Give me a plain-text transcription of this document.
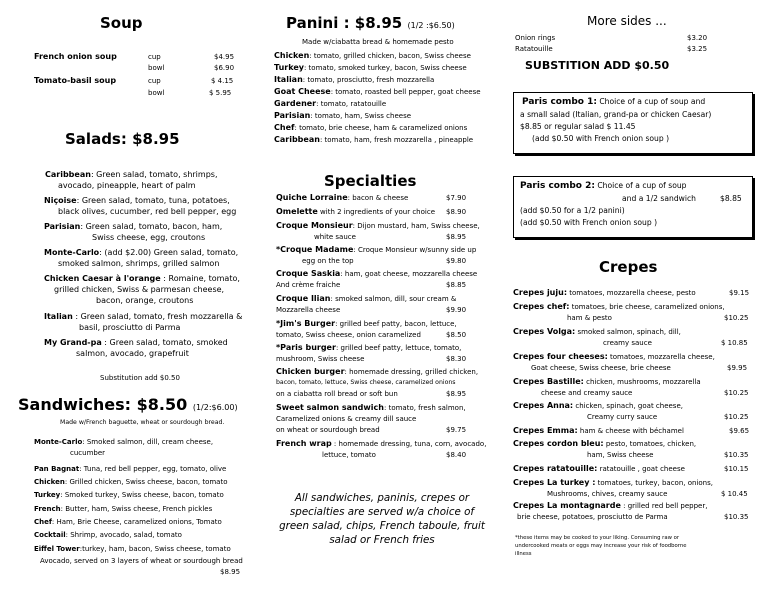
Soup
French onion soup	cup	$4.95
bowl	$6.90
Tomato-basil soup	cup	$ 4.15
bowl	$ 5.95
Salads: $8.95
Caribbean: Green salad, tomato, shrimps,
avocado, pineapple, heart of palm
Niçoise: Green salad, tomato, tuna, potatoes,
black olives, cucumber, red bell pepper, egg
Parisian: Green salad, tomato, bacon, ham,
Swiss cheese, egg, croutons
Monte-Carlo: (add $2.00) Green salad, tomato,
smoked salmon, shrimps, grilled salmon
Chicken Caesar à l'orange : Romaine, tomato,
grilled chicken, Swiss & parmesan cheese,
bacon, orange, croutons
Italian : Green salad, tomato, fresh mozzarella &
basil, prosciutto di Parma
My Grand-pa : Green salad, tomato, smoked
salmon, avocado, grapefruit
Substitution add $0.50
Sandwiches: $8.50 (1/2:$6.00)
Made w/French baguette, wheat or sourdough bread.
Monte-Carlo: Smoked salmon, dill, cream cheese,
cucumber
Pan Bagnat: Tuna, red bell pepper, egg, tomato, olive
Chicken: Grilled chicken, Swiss cheese, bacon, tomato
Turkey: Smoked turkey, Swiss cheese, bacon, tomato
French: Butter, ham, Swiss cheese, French pickles
Chef: Ham, Brie Cheese, caramelized onions, Tomato
Cocktail: Shrimp, avocado, salad, tomato
Eiffel Tower:turkey, ham, bacon, Swiss cheese, tomato
Avocado, served on 3 layers of wheat or sourdough bread
$8.95
Panini : $8.95 (1/2 :$6.50)
Made w/ciabatta bread & homemade pesto
Chicken: tomato, grilled chicken, bacon, Swiss cheese
Turkey: tomato, smoked turkey, bacon, Swiss cheese
Italian: tomato, prosciutto, fresh mozzarella
Goat Cheese: tomato, roasted bell pepper, goat cheese
Gardener: tomato, ratatouille
Parisian: tomato, ham, Swiss cheese
Chef: tomato, brie cheese, ham & caramelized onions
Caribbean: tomato, ham, fresh mozzarella , pineapple
Specialties
Quiche Lorraine: bacon & cheese	$7.90
Omelette with 2 ingredients of your choice $8.90
Croque Monsieur: Dijon mustard, ham, Swiss cheese,
white sauce	$8.95
*Croque Madame: Croque Monsieur w/sunny side up
egg on the top	$9.80
Croque Saskia: ham, goat cheese, mozzarella cheese
And crème fraiche	$8.85
Croque Ilian: smoked salmon, dill, sour cream &
Mozzarella cheese	$9.90
*Jim's Burger: grilled beef patty, bacon, lettuce,
tomato, Swiss cheese, onion caramelized	$8.50
*Paris burger: grilled beef patty, lettuce, tomato,
mushroom, Swiss cheese	$8.30
Chicken burger: homemade dressing, grilled chicken,
bacon, tomato, lettuce, Swiss cheese, caramelized onions
on a ciabatta roll bread or soft bun	$8.95
Sweet salmon sandwich: tomato, fresh salmon,
Caramelized onions & creamy dill sauce
on wheat or sourdough bread	$9.75
French wrap : homemade dressing, tuna, corn, avocado,
lettuce, tomato	$8.40
All sandwiches, paninis, crepes or
specialties are served w/a choice of
green salad, chips, French taboule, fruit
salad or French fries
More sides ...
Onion rings	$3.20
Ratatouille	$3.25
SUBSTITION ADD $0.50
Paris combo 1: Choice of a cup of soup and
a small salad (Italian, grand-pa or chicken Caesar)
$8.85 or regular salad $ 11.45
(add $0.50 with French onion soup )
Paris combo 2: Choice of a cup of soup
and a 1/2 sandwich	$8.85
(add $0.50 for a 1/2 panini)
(add $0.50 with French onion soup )
Crepes
Crepes juju: tomatoes, mozzarella cheese, pesto	$9.15
Crepes chef: tomatoes, brie cheese, caramelized onions,
ham & pesto	$10.25
Crepes Volga: smoked salmon, spinach, dill,
creamy sauce	$ 10.85
Crepes four cheeses: tomatoes, mozzarella cheese,
Goat cheese, Swiss cheese, brie cheese	$9.95
Crepes Bastille: chicken, mushrooms, mozzarella
cheese and creamy sauce	$10.25
Crepes Anna: chicken, spinach, goat cheese,
Creamy curry sauce	$10.25
Crepes Emma: ham & cheese with béchamel	$9.65
Crepes cordon bleu: pesto, tomatoes, chicken,
ham, Swiss cheese	$10.35
Crepes ratatouille: ratatouille , goat cheese	$10.15
Crepes La turkey : tomatoes, turkey, bacon, onions,
Mushrooms, chives, creamy sauce	$ 10.45
Crepes La montagnarde : grilled red bell pepper,
brie cheese, potatoes, prosciutto de Parma	$10.35
*these items may be cooked to your liking. Consuming raw or
undercooked meats or eggs may increase your risk of foodborne
illness
